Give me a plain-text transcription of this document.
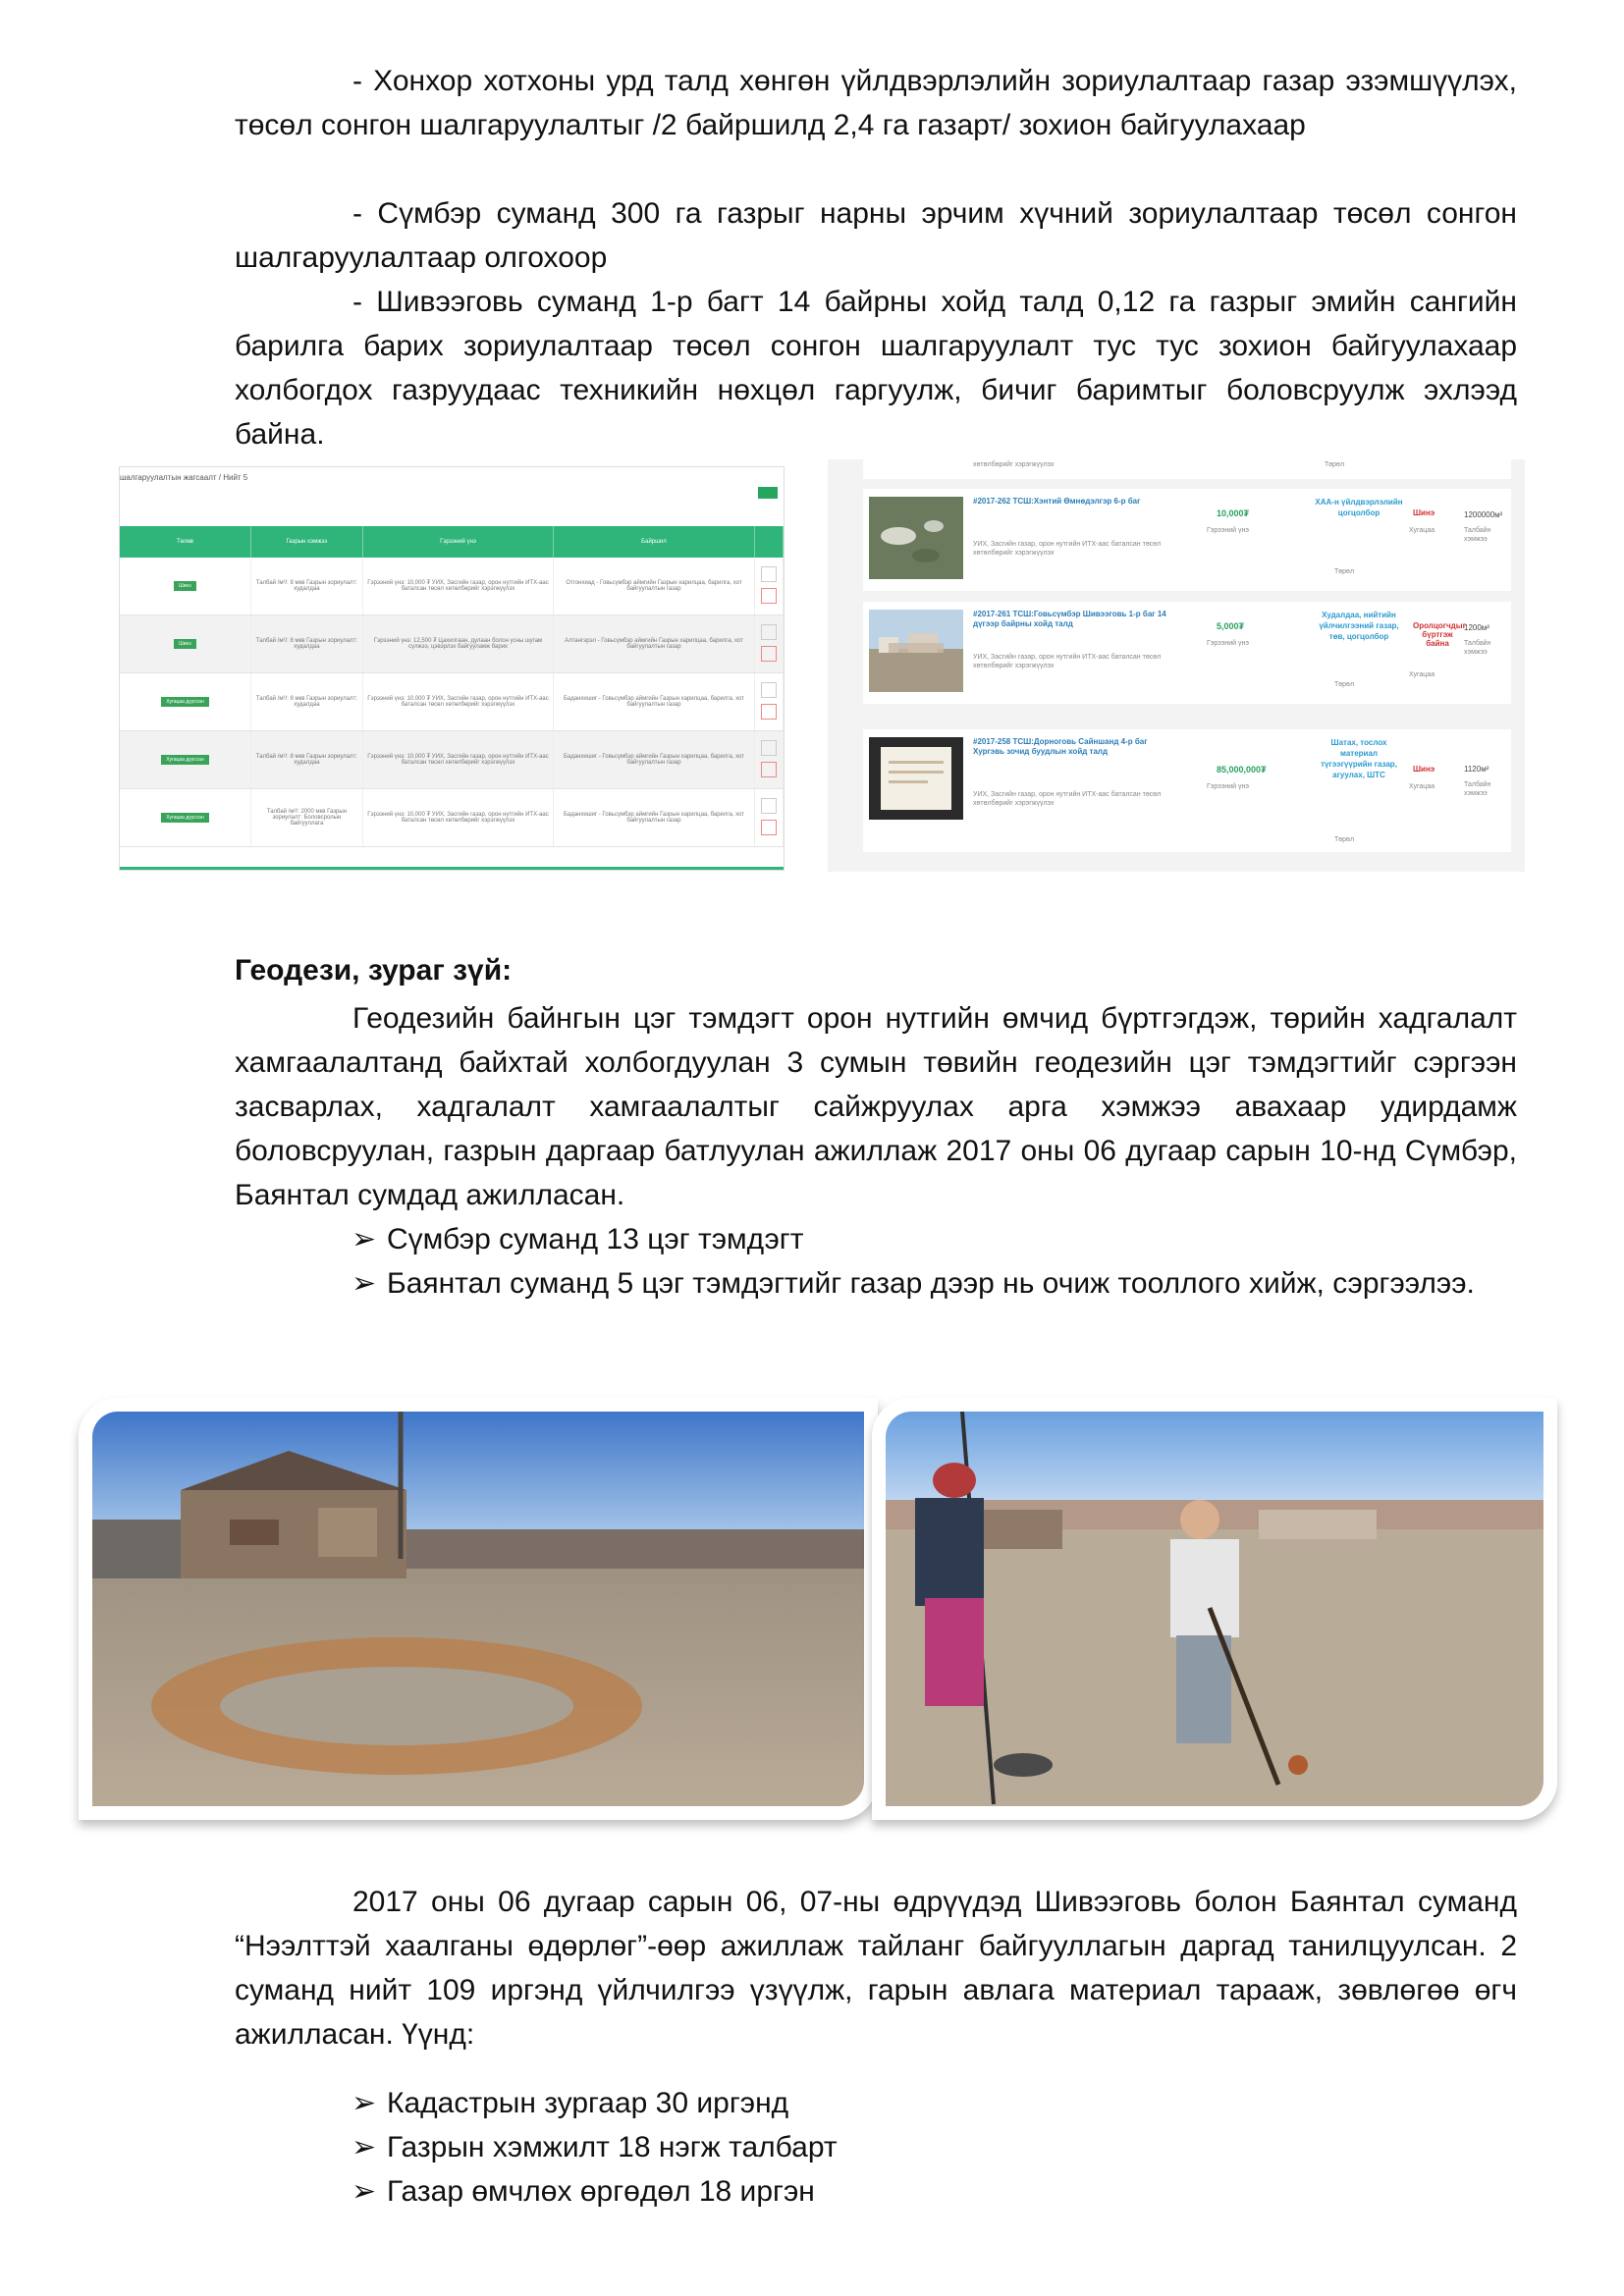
- Хонхор хотхоны урд талд хөнгөн үйлдвэрлэлийн зориулалтаар газар эзэмшүүлэх, төсөл сонгон шалгаруулалтыг /2 байршилд 2,4 га газарт/ зохион байгуулахаар

- Сүмбэр суманд 300 га газрыг нарны эрчим хүчний зориулалтаар төсөл сонгон шалгаруулалтаар олгохоор

- Шивээговь суманд 1-р багт 14 байрны хойд талд 0,12 га газрыг эмийн сангийн барилга барих зориулалтаар төсөл сонгон шалгаруулалт тус тус зохион байгуулахаар холбогдох газруудаас техникийн нөхцөл гаргуулж, бичиг баримтыг боловсруулж эхлээд байна.

шалгаруулалтын жагсаалт / Нийт 5
Төлөв	Газрын хэмжээ	Гэрээний үнэ	Байршил	
Шинэ	Талбай /м²/: 8 мкв Газрын зориулалт: худалдаа	Гэрээний үнэ: 10,000 ₮ УИХ, Засгийн газар, орон нутгийн ИТХ-аас баталсан төсөл хөтөлбөрийг хэрэгжүүлэх	Отгонхиад - Говьсүмбэр аймгийн Газрын харилцаа, барилга, хот байгуулалтын газар	
Шинэ	Талбай /м²/: 8 мкв Газрын зориулалт: худалдаа	Гэрээний үнэ: 12,500 ₮ Цахилгаан, дулаан болон усны шугам сүлжээ, цэвэрлэх байгууламж барих	Алтангэрэл - Говьсүмбэр аймгийн Газрын харилцаа, барилга, хот байгуулалтын газар	
Хугацаа дууссан	Талбай /м²/: 8 мкв Газрын зориулалт: худалдаа	Гэрээний үнэ: 10,000 ₮ УИХ, Засгийн газар, орон нутгийн ИТХ-аас баталсан төсөл хөтөлбөрийг хэрэгжүүлэх	Баданхишиг - Говьсүмбэр аймгийн Газрын харилцаа, барилга, хот байгуулалтын газар	
Хугацаа дууссан	Талбай /м²/: 8 мкв Газрын зориулалт: худалдаа	Гэрээний үнэ: 10,000 ₮ УИХ, Засгийн газар, орон нутгийн ИТХ-аас баталсан төсөл хөтөлбөрийг хэрэгжүүлэх	Баданхишиг - Говьсүмбэр аймгийн Газрын харилцаа, барилга, хот байгуулалтын газар	
Хугацаа дууссан	Талбай /м²/: 2000 мкв Газрын зориулалт: Боловсролын байгууллага	Гэрээний үнэ: 10,000 ₮ УИХ, Засгийн газар, орон нутгийн ИТХ-аас баталсан төсөл хөтөлбөрийг хэрэгжүүлэх	Баданхишиг - Говьсүмбэр аймгийн Газрын харилцаа, барилга, хот байгуулалтын газар	
хөтөлбөрийг хэрэгжүүлэх	Төрөл
#2017-262 ТСШ:Хэнтий Өмнөдэлгэр 6-р баг
УИХ, Засгийн газар, орон нутгийн ИТХ-аас баталсан төсөл хөтөлбөрийг хэрэгжүүлэх
10,000₮
Гэрээний үнэ
ХАА-н үйлдвэрлэлийн цогцолбор
Төрөл
Шинэ
Хугацаа
1200000м²
Талбайн хэмжээ
#2017-261 ТСШ:Говьсүмбэр Шивээговь 1-р баг 14 дүгээр байрны хойд талд
УИХ, Засгийн газар, орон нутгийн ИТХ-аас баталсан төсөл хөтөлбөрийг хэрэгжүүлэх
5,000₮
Гэрээний үнэ
Худалдаа, нийтийн үйлчилгээний газар, төв, цогцолбор
Төрөл
Оролцогчдыг бүртгэж байна
Хугацаа
1200м²
Талбайн хэмжээ
#2017-258 ТСШ:Дорноговь Сайншанд 4-р баг Хургэвь зочид буудлын хойд талд
УИХ, Засгийн газар, орон нутгийн ИТХ-аас баталсан төсөл хөтөлбөрийг хэрэгжүүлэх
85,000,000₮
Гэрээний үнэ
Шатах, тослох материал түгээгүүрийн газар, агуулах, ШТС
Төрөл
Шинэ
Хугацаа
1120м²
Талбайн хэмжээ

Геодези, зураг зүй:

Геодезийн байнгын цэг тэмдэгт орон нутгийн өмчид бүртгэгдэж, төрийн хадгалалт хамгаалалтанд байхтай холбогдуулан 3 сумын төвийн геодезийн цэг тэмдэгтийг сэргээн засварлах, хадгалалт хамгаалалтыг сайжруулах арга хэмжээ авахаар удирдамж боловсруулан, газрын даргаар батлуулан ажиллаж 2017 оны 06 дугаар сарын 10-нд Сүмбэр, Баянтал сумдад ажилласан.

➢ Сүмбэр суманд 13 цэг тэмдэгт

➢ Баянтал суманд 5 цэг тэмдэгтийг газар дээр нь очиж тооллого хийж, сэргээлээ.

2017 оны 06 дугаар сарын 06, 07-ны өдрүүдэд Шивээговь болон Баянтал суманд “Нээлттэй хаалганы өдөрлөг”-өөр ажиллаж тайланг байгууллагын даргад танилцуулсан. 2 суманд нийт 109 иргэнд үйлчилгээ үзүүлж, гарын авлага материал тарааж, зөвлөгөө өгч ажилласан. Үүнд:

➢ Кадастрын зургаар 30 иргэнд

➢ Газрын хэмжилт 18 нэгж талбарт

➢ Газар өмчлөх өргөдөл 18 иргэн
